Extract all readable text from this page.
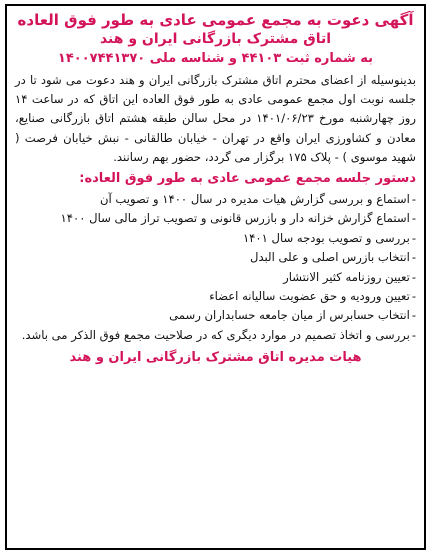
آگهی دعوت به مجمع عمومی عادی به طور فوق العاده
اتاق مشترک بازرگانی ایران و هند

به شماره ثبت ۴۴۱۰۳ و شناسه ملی ۱۴۰۰۷۴۴۱۳۷۰

بدینوسیله از اعضای محترم اتاق مشترک بازرگانی ایران و هند دعوت می شود تا در جلسه نوبت اول مجمع عمومی عادی به طور فوق العاده این اتاق که در ساعت ۱۴ روز چهارشنبه مورخ ۱۴۰۱/۰۶/۲۳ در محل سالن طبقه هشتم اتاق بازرگانی صنایع، معادن و کشاورزی ایران واقع در تهران - خیابان طالقانی - نبش خیابان فرصت ( شهید موسوی ) - پلاک ۱۷۵ برگزار می گردد، حضور بهم رسانند.

دستور جلسه مجمع عمومی عادی به طور فوق العاده:
-استماع و بررسی گزارش هیات مدیره در سال ۱۴۰۰ و تصویب آن
-استماع گزارش خزانه دار و بازرس قانونی و تصویب تراز مالی سال ۱۴۰۰
-بررسی و تصویب بودجه سال ۱۴۰۱
-انتخاب بازرس اصلی و علی البدل
-تعیین روزنامه کثیر الانتشار
-تعیین ورودیه و حق عضویت سالیانه اعضاء
-انتخاب حسابرس از میان جامعه حسابداران رسمی
-بررسی و اتخاذ تصمیم در موارد دیگری که در صلاحیت مجمع فوق الذکر می باشد.

هیات مدیره اتاق مشترک بازرگانی ایران و هند
